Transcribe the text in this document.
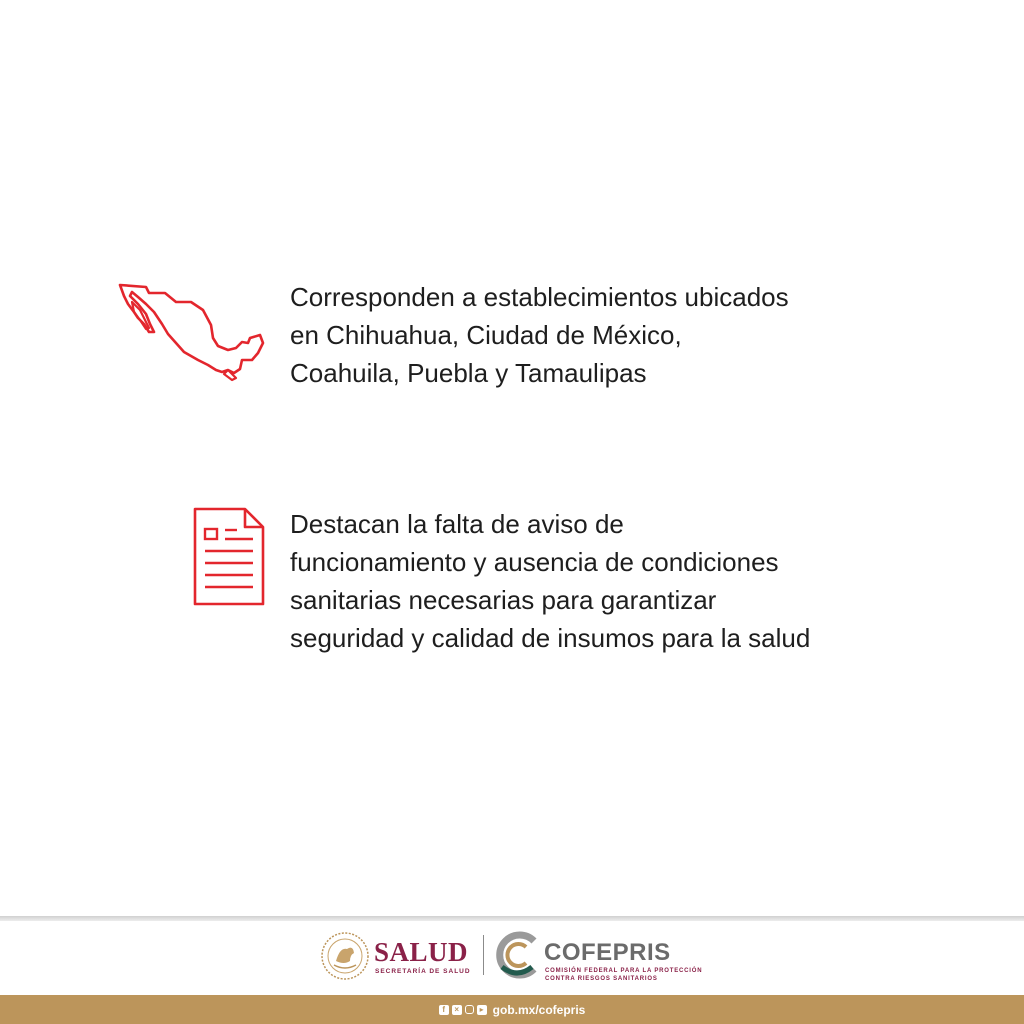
Corresponden a establecimientos ubicados
en Chihuahua, Ciudad de México,
Coahuila, Puebla y Tamaulipas

Destacan la falta de aviso de
funcionamiento y ausencia de condiciones
sanitarias necesarias para garantizar
seguridad y calidad de insumos para la salud

SALUD
SECRETARÍA DE SALUD
COFEPRIS
COMISIÓN FEDERAL PARA LA PROTECCIÓN
CONTRA RIESGOS SANITARIOS
f	×	▸ gob.mx/cofepris
